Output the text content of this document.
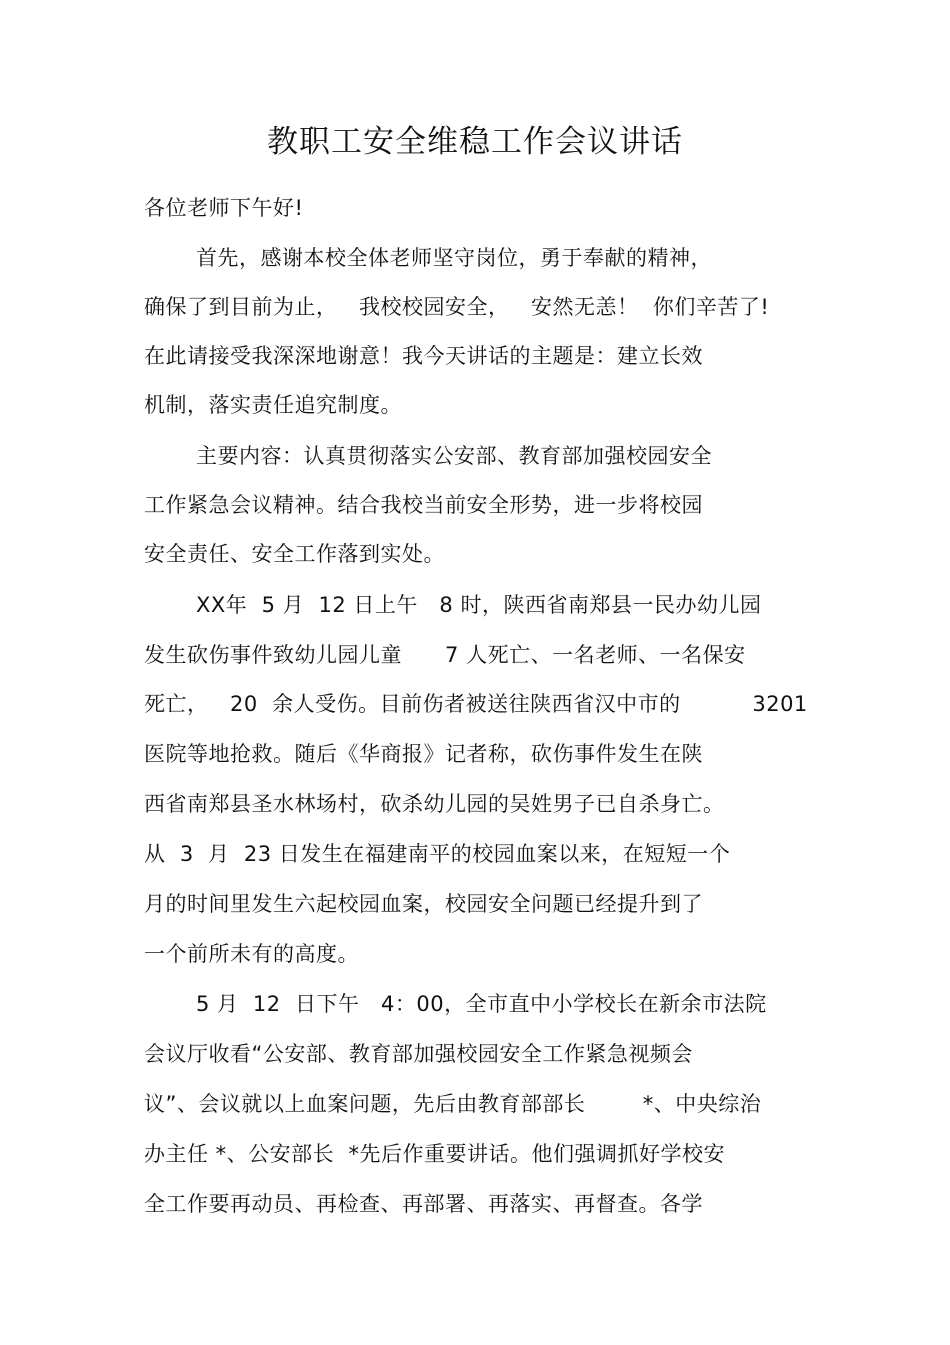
教职工安全维稳工作会议讲话
各位老师下午好!
首先，感谢本校全体老师坚守岗位，勇于奉献的精神，
确保了到目前为止，   我校校园安全，   安然无恙！  你们辛苦了!
在此请接受我深深地谢意！我今天讲话的主题是：建立长效
机制，落实责任追究制度。
主要内容：认真贯彻落实公安部、教育部加强校园安全
工作紧急会议精神。结合我校当前安全形势，进一步将校园
安全责任、安全工作落到实处。
XX年  5 月  12 日上午   8 时，陕西省南郑县一民办幼儿园
发生砍伤事件致幼儿园儿童      7 人死亡、一名老师、一名保安
死亡，   20  余人受伤。目前伤者被送往陕西省汉中市的          3201
医院等地抢救。随后《华商报》记者称，砍伤事件发生在陕
西省南郑县圣水林场村，砍杀幼儿园的吴姓男子已自杀身亡。
从  3  月  23 日发生在福建南平的校园血案以来，在短短一个
月的时间里发生六起校园血案，校园安全问题已经提升到了
一个前所未有的高度。
5 月  12  日下午   4：00，全市直中小学校长在新余市法院
会议厅收看“公安部、教育部加强校园安全工作紧急视频会
议”、会议就以上血案问题，先后由教育部部长        *、中央综治
办主任 *、公安部长  *先后作重要讲话。他们强调抓好学校安
全工作要再动员、再检查、再部署、再落实、再督查。各学
